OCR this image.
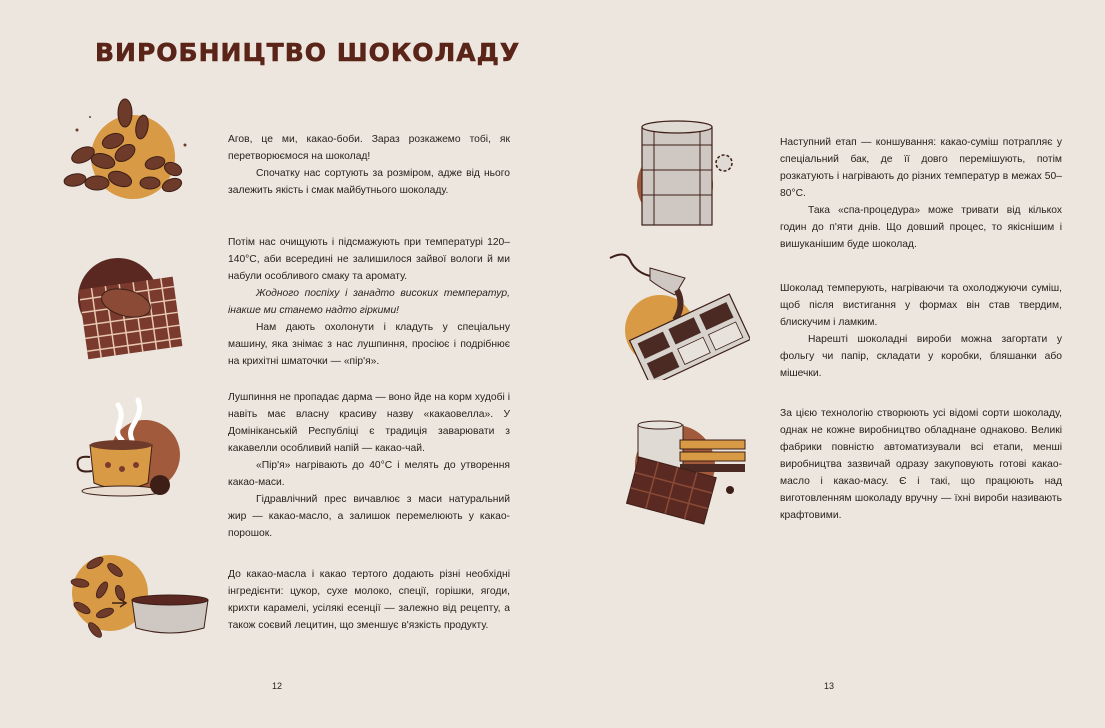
ВИРОБНИЦТВО ШОКОЛАДУ

Агов, це ми, какао-боби. Зараз розкажемо тобі, як перетворюємося на шоколад!

Спочатку нас сортують за розміром, адже від нього залежить якість і смак майбутнього шоколаду.

Потім нас очищують і підсмажують при температурі 120–140°С, аби всередині не залишилося зайвої вологи й ми набули особливого смаку та аромату.

Жодного поспіху і занадто високих температур, інакше ми станемо надто гіркими!

Нам дають охолонути і кладуть у спеціальну машину, яка знімає з нас лушпиння, просіює і подрібнює на крихітні шматочки — «пір'я».

Лушпиння не пропадає дарма — воно йде на корм худобі і навіть має власну красиву назву «какаовелла». У Домініканській Республіці є традиція заварювати з какавелли особливий напій — какао-чай.

«Пір'я» нагрівають до 40°С і мелять до утворення какао-маси.

Гідравлічний прес вичавлює з маси натуральний жир — какао-масло, а залишок перемелюють у какао-порошок.

До какао-масла і какао тертого додають різні необхідні інгредієнти: цукор, сухе молоко, спеції, горішки, ягоди, крихти карамелі, усілякі есенції — залежно від рецепту, а також соєвий лецитин, що зменшує в'язкість продукту.

12

Наступний етап — коншування: какао-суміш потрапляє у спеціальний бак, де її довго перемішують, потім розкатують і нагрівають до різних температур в межах 50–80°С.

Така «спа-процедура» може тривати від кількох годин до п'яти днів. Що довший процес, то якіснішим і вишуканішим буде шоколад.

Шоколад темперують, нагріваючи та охолоджуючи суміш, щоб після вистигання у формах він став твердим, блискучим і ламким.

Нарешті шоколадні вироби можна загортати у фольгу чи папір, складати у коробки, бляшанки або мішечки.

За цією технологію створюють усі відомі сорти шоколаду, однак не кожне виробництво обладнане однаково. Великі фабрики повністю автоматизували всі етапи, менші виробництва зазвичай одразу закуповують готові какао-масло і какао-масу. Є і такі, що працюють над виготовленням шоколаду вручну — їхні вироби називають крафтовими.

13
